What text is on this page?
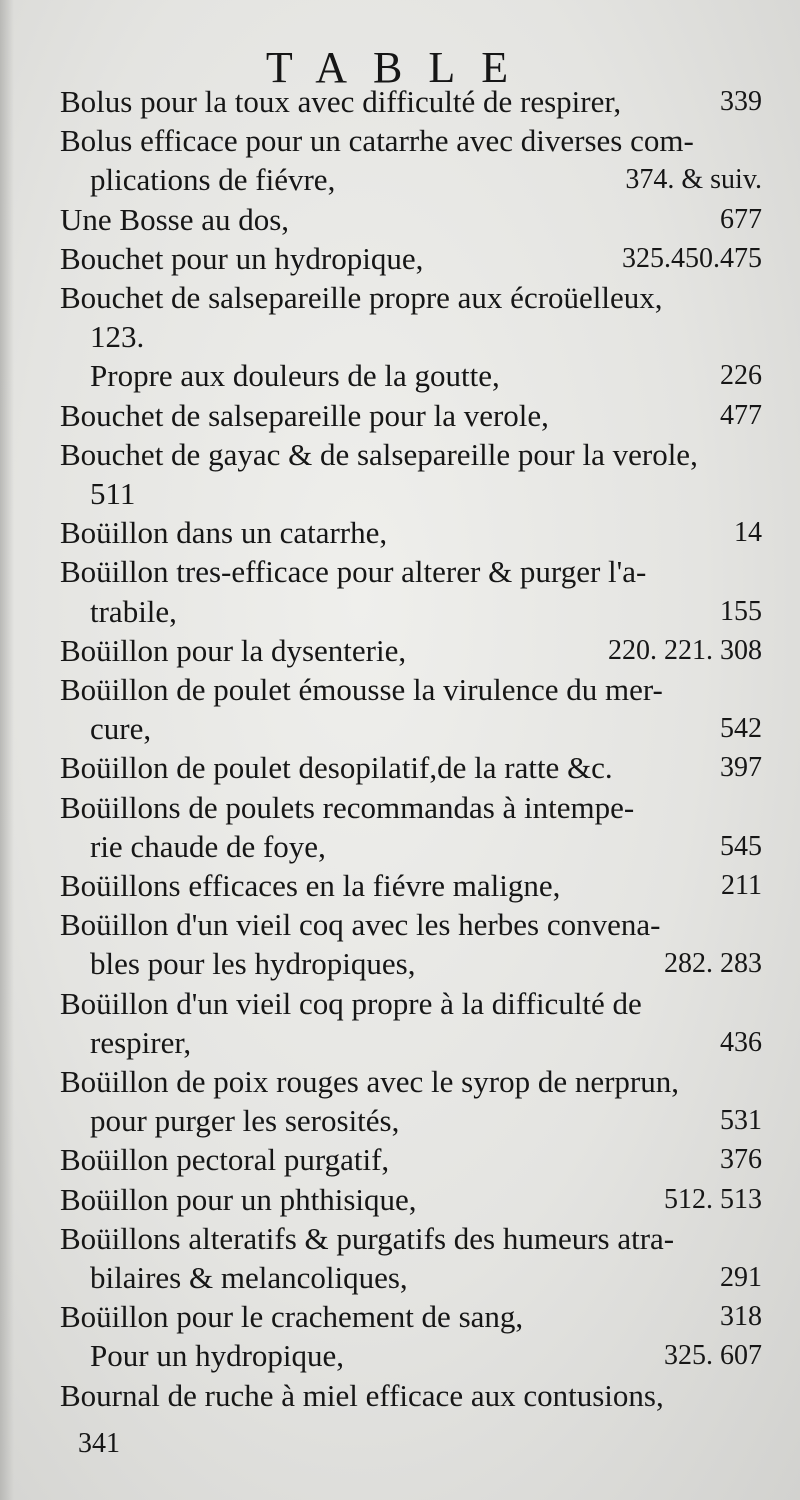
TABLE
Bolus pour la toux avec difficulté de respirer,	339
Bolus efficace pour un catarrhe avec diverses com-
plications de fiévre,	374. & suiv.
Une Bosse au dos,	677
Bouchet pour un hydropique,	325.450.475
Bouchet de salsepareille propre aux écroüelleux,
123.
Propre aux douleurs de la goutte,	226
Bouchet de salsepareille pour la verole,	477
Bouchet de gayac & de salsepareille pour la verole,
511
Boüillon dans un catarrhe,	14
Boüillon tres-efficace pour alterer & purger l'a-
trabile,	155
Boüillon pour la dysenterie,	220. 221. 308
Boüillon de poulet émousse la virulence du mer-
cure,	542
Boüillon de poulet desopilatif,de la ratte &c.	397
Boüillons de poulets recommandas à intempe-
rie chaude de foye,	545
Boüillons efficaces en la fiévre maligne,	211
Boüillon d'un vieil coq avec les herbes convena-
bles pour les hydropiques,	282. 283
Boüillon d'un vieil coq propre à la difficulté de
respirer,	436
Boüillon de poix rouges avec le syrop de nerprun,
pour purger les serosités,	531
Boüillon pectoral purgatif,	376
Boüillon pour un phthisique,	512. 513
Boüillons alteratifs & purgatifs des humeurs atra-
bilaires & melancoliques,	291
Boüillon pour le crachement de sang,	318
Pour un hydropique,	325. 607
Bournal de ruche à miel efficace aux contusions,
341
